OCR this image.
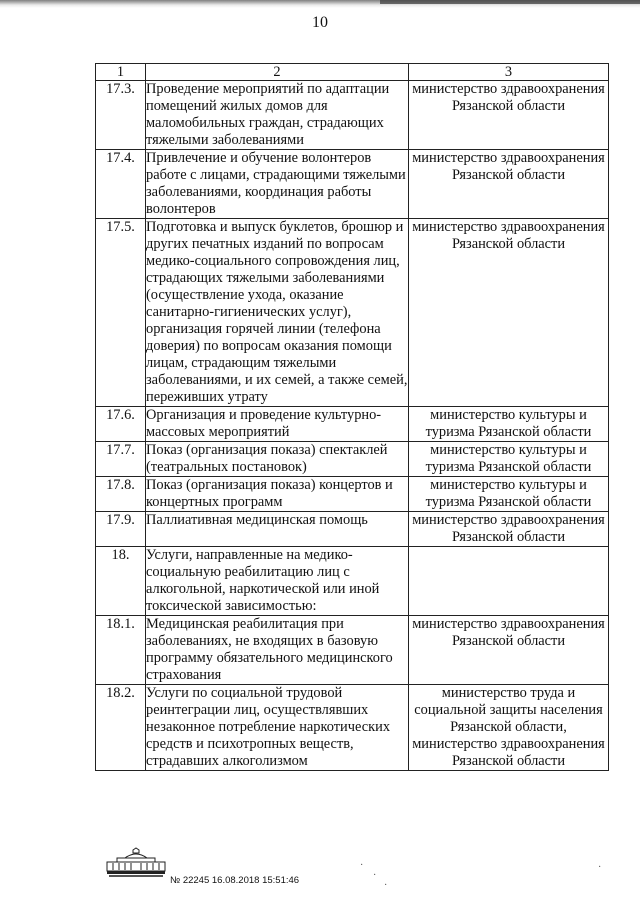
10
1	2	3
17.3.	Проведение мероприятий по адаптации помещений жилых домов для маломобильных граждан, страдающих тяжелыми заболеваниями	министерство здравоохранения Рязанской области
17.4.	Привлечение и обучение волонтеров работе с лицами, страдающими тяжелыми заболеваниями, координация работы волонтеров	министерство здравоохранения Рязанской области
17.5.	Подготовка и выпуск буклетов, брошюр и других печатных изданий по вопросам медико-социального сопровождения лиц, страдающих тяжелыми заболеваниями (осуществление ухода, оказание санитарно-гигиенических услуг), организация горячей линии (телефона доверия) по вопросам оказания помощи лицам, страдающим тяжелыми заболеваниями, и их семей, а также семей, переживших утрату	министерство здравоохранения Рязанской области
17.6.	Организация и проведение культурно-массовых мероприятий	министерство культуры и туризма Рязанской области
17.7.	Показ (организация показа) спектаклей (театральных постановок)	министерство культуры и туризма Рязанской области
17.8.	Показ (организация показа) концертов и концертных программ	министерство культуры и туризма Рязанской области
17.9.	Паллиативная медицинская помощь	министерство здравоохранения Рязанской области
18.	Услуги, направленные на медико-социальную реабилитацию лиц с алкогольной, наркотической или иной токсической зависимостью:	
18.1.	Медицинская реабилитация при заболеваниях, не входящих в базовую программу обязательного медицинского страхования	министерство здравоохранения Рязанской области
18.2.	Услуги по социальной трудовой реинтеграции лиц, осуществлявших незаконное потребление наркотических средств и психотропных веществ, страдавших алкоголизмом	министерство труда и социальной защиты населения Рязанской области, министерство здравоохранения Рязанской области
№ 22245 16.08.2018 15:51:46
·
·
·
·
